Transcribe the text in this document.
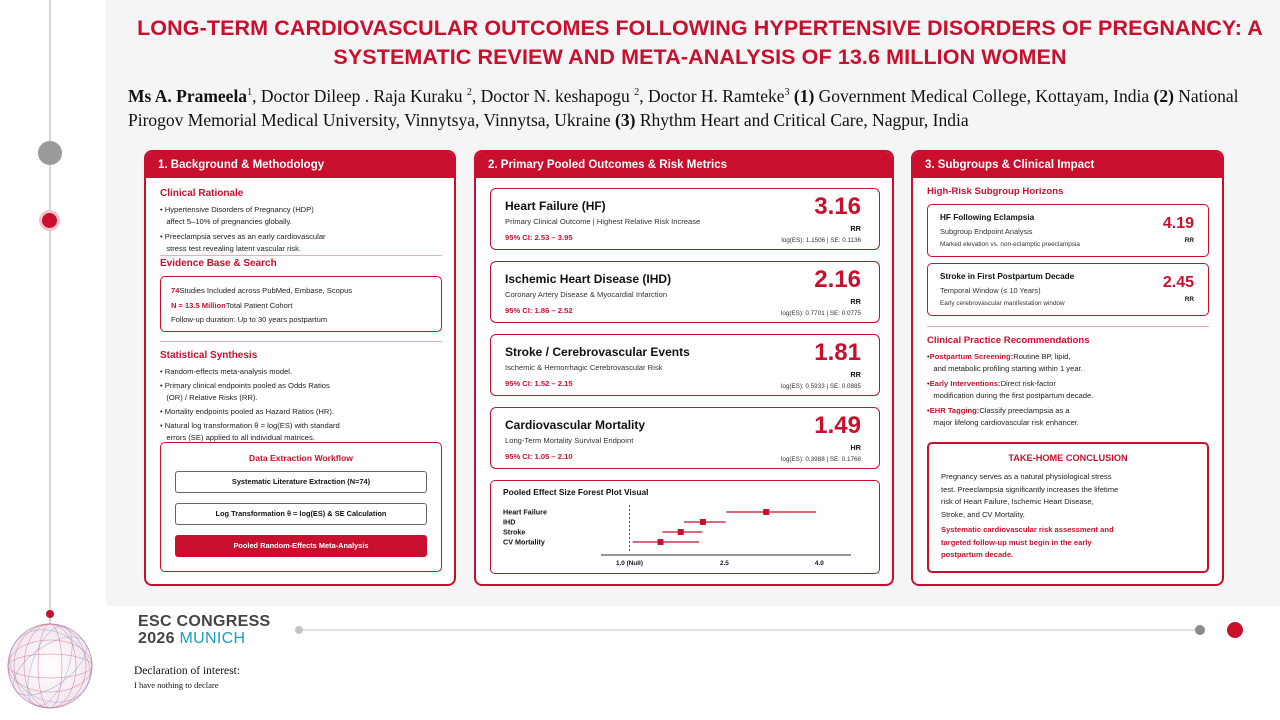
LONG-TERM CARDIOVASCULAR OUTCOMES FOLLOWING HYPERTENSIVE DISORDERS OF PREGNANCY: A SYSTEMATIC REVIEW AND META-ANALYSIS OF 13.6 MILLION WOMEN
Ms A. Prameela$^1$, Doctor Dileep . Raja Kuraku $^2$, Doctor N. keshapogu $^2$, Doctor H. Ramteke$^3$ (1) Government Medical College, Kottayam, India (2) National Pirogov Memorial Medical University, Vinnytsya, Vinnytsa, Ukraine (3) Rhythm Heart and Critical Care, Nagpur, India
1. Background & Methodology
Clinical Rationale
• Hypertensive Disorders of Pregnancy (HDP)
affect 5–10% of pregnancies globally.
• Preeclampsia serves as an early cardiovascular
stress test revealing latent vascular risk.
Evidence Base & Search
74Studies Included across PubMed, Embase, Scopus
N ≈ 13.5 MillionTotal Patient Cohort
Follow-up duration: Up to 30 years postpartum
Statistical Synthesis
• Random-effects meta-analysis model.
• Primary clinical endpoints pooled as Odds Ratios
(OR) / Relative Risks (RR).
• Mortality endpoints pooled as Hazard Ratios (HR).
• Natural log transformation θ = log(ES) with standard
errors (SE) applied to all individual matrices.
Data Extraction Workflow
Systematic Literature Extraction (N=74)
Log Transformation θ = log(ES) & SE Calculation
Pooled Random-Effects Meta-Analysis
2. Primary Pooled Outcomes & Risk Metrics
Heart Failure (HF)
Primary Clinical Outcome | Highest Relative Risk Increase
95% CI: 2.53 – 3.95
3.16
RR
log(ES): 1.1506 | SE: 0.1136
Ischemic Heart Disease (IHD)
Coronary Artery Disease & Myocardial Infarction
95% CI: 1.86 – 2.52
2.16
RR
log(ES): 0.7701 | SE: 0.0775
Stroke / Cerebrovascular Events
Ischemic & Hemorrhagic Cerebrovascular Risk
95% CI: 1.52 – 2.15
1.81
RR
log(ES): 0.5933 | SE: 0.0885
Cardiovascular Mortality
Long-Term Mortality Survival Endpoint
95% CI: 1.05 – 2.10
1.49
HR
log(ES): 0.3988 | SE: 0.1768
Pooled Effect Size Forest Plot Visual
1.0 (Null)	2.5	4.0
Heart Failure
IHD
Stroke
CV Mortality
3. Subgroups & Clinical Impact
High-Risk Subgroup Horizons
HF Following Eclampsia
Subgroup Endpoint Analysis
Marked elevation vs. non-eclamptic preeclampsia
4.19
RR
Stroke in First Postpartum Decade
Temporal Window (≤ 10 Years)
Early cerebrovascular manifestation window
2.45
RR
Clinical Practice Recommendations
•Postpartum Screening:Routine BP, lipid,
and metabolic profiling starting within 1 year.
•Early Interventions:Direct risk-factor
modification during the first postpartum decade.
•EHR Tagging:Classify preeclampsia as a
major lifelong cardiovascular risk enhancer.
TAKE-HOME CONCLUSION
Pregnancy serves as a natural physiological stress
test. Preeclampsia significantly increases the lifetime
risk of Heart Failure, Ischemic Heart Disease,
Stroke, and CV Mortality.
Systematic cardiovascular risk assessment and
targeted follow-up must begin in the early
postpartum decade.
ESC CONGRESS
2026 MUNICH
Declaration of interest:
I have nothing to declare
